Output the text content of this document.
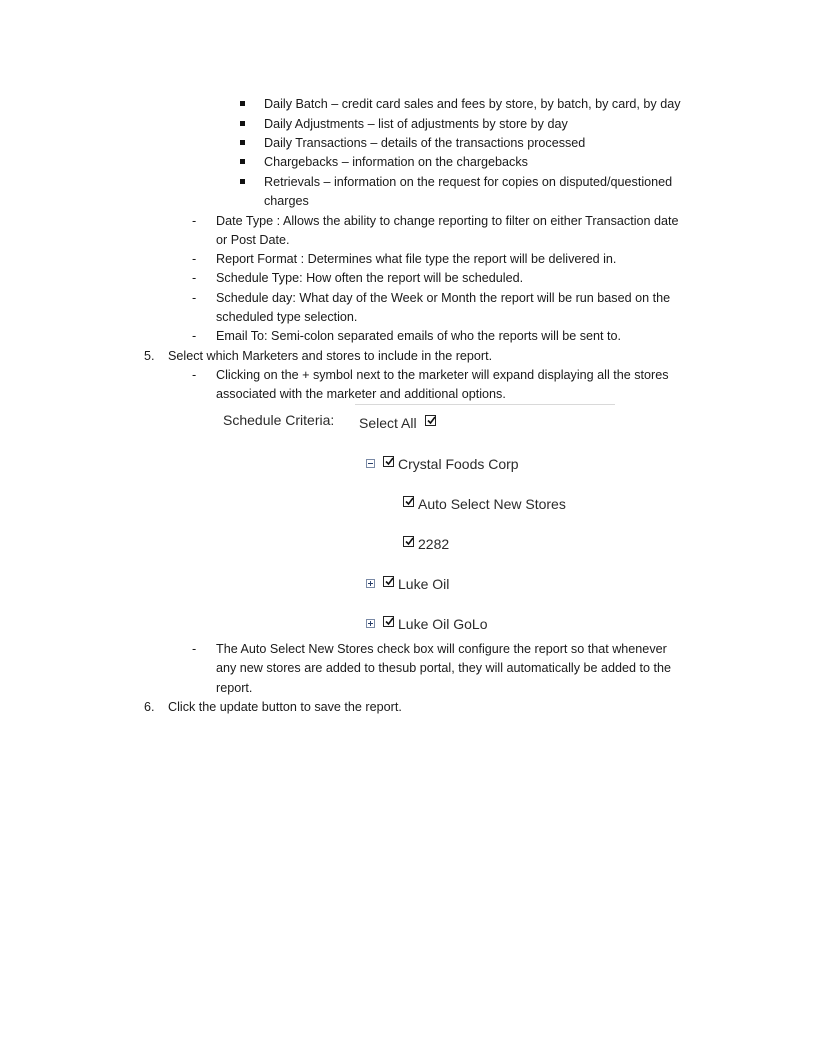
Daily Batch – credit card sales and fees by store, by batch, by card, by day
Daily Adjustments – list of adjustments by store by day
Daily Transactions – details of the transactions processed
Chargebacks – information on the chargebacks
Retrievals – information on the request for copies on disputed/questioned
charges
- Date Type : Allows the ability to change reporting to filter on either Transaction date
or Post Date.
- Report Format : Determines what file type the report will be delivered in.
- Schedule Type: How often the report will be scheduled.
- Schedule day: What day of the Week or Month the report will be run based on the
scheduled type selection.
- Email To: Semi-colon separated emails of who the reports will be sent to.
5. Select which Marketers and stores to include in the report.
- Clicking on the + symbol next to the marketer will expand displaying all the stores
associated with the marketer and additional options.
Schedule Criteria: Select All
Crystal Foods Corp
Auto Select New Stores
2282
Luke Oil
Luke Oil GoLo
- The Auto Select New Stores check box will configure the report so that whenever
any new stores are added to thesub portal, they will automatically be added to the
report.
6. Click the update button to save the report.
